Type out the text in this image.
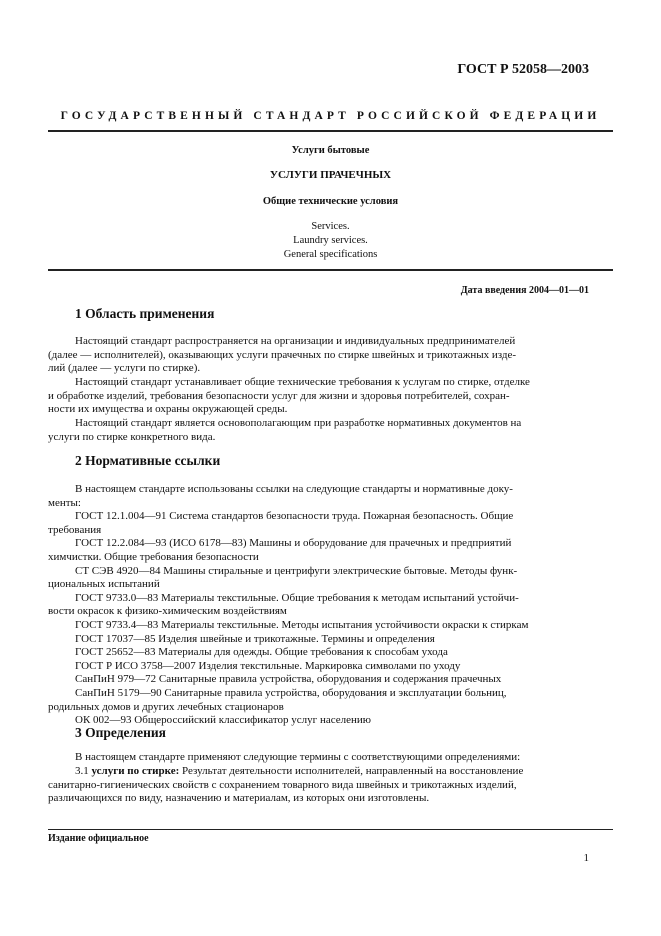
ГОСТ Р 52058—2003
ГОСУДАРСТВЕННЫЙ СТАНДАРТ РОССИЙСКОЙ ФЕДЕРАЦИИ
Услуги бытовые
УСЛУГИ ПРАЧЕЧНЫХ
Общие технические условия
Services.
Laundry services.
General specifications
Дата введения 2004—01—01
1 Область применения
Настоящий стандарт распространяется на организации и индивидуальных предпринимателей
(далее — исполнителей), оказывающих услуги прачечных по стирке швейных и трикотажных изде-
лий (далее — услуги по стирке).
Настоящий стандарт устанавливает общие технические требования к услугам по стирке, отделке
и обработке изделий, требования безопасности услуг для жизни и здоровья потребителей, сохран-
ности их имущества и охраны окружающей среды.
Настоящий стандарт является основополагающим при разработке нормативных документов на
услуги по стирке конкретного вида.
2 Нормативные ссылки
В настоящем стандарте использованы ссылки на следующие стандарты и нормативные доку-
менты:
ГОСТ 12.1.004—91 Система стандартов безопасности труда. Пожарная безопасность. Общие
требования
ГОСТ 12.2.084—93 (ИСО 6178—83) Машины и оборудование для прачечных и предприятий
химчистки. Общие требования безопасности
СТ СЭВ 4920—84 Машины стиральные и центрифуги электрические бытовые. Методы функ-
циональных испытаний
ГОСТ 9733.0—83 Материалы текстильные. Общие требования к методам испытаний устойчи-
вости окрасок к физико-химическим воздействиям
ГОСТ 9733.4—83 Материалы текстильные. Методы испытания устойчивости окраски к стиркам
ГОСТ 17037—85 Изделия швейные и трикотажные. Термины и определения
ГОСТ 25652—83 Материалы для одежды. Общие требования к способам ухода
ГОСТ Р ИСО 3758—2007 Изделия текстильные. Маркировка символами по уходу
СанПиН 979—72 Санитарные правила устройства, оборудования и содержания прачечных
СанПиН 5179—90 Санитарные правила устройства, оборудования и эксплуатации больниц,
родильных домов и других лечебных стационаров
ОК 002—93 Общероссийский классификатор услуг населению
3 Определения
В настоящем стандарте применяют следующие термины с соответствующими определениями:
3.1 услуги по стирке: Результат деятельности исполнителей, направленный на восстановление
санитарно-гигиенических свойств с сохранением товарного вида швейных и трикотажных изделий,
различающихся по виду, назначению и материалам, из которых они изготовлены.
Издание официальное
1
